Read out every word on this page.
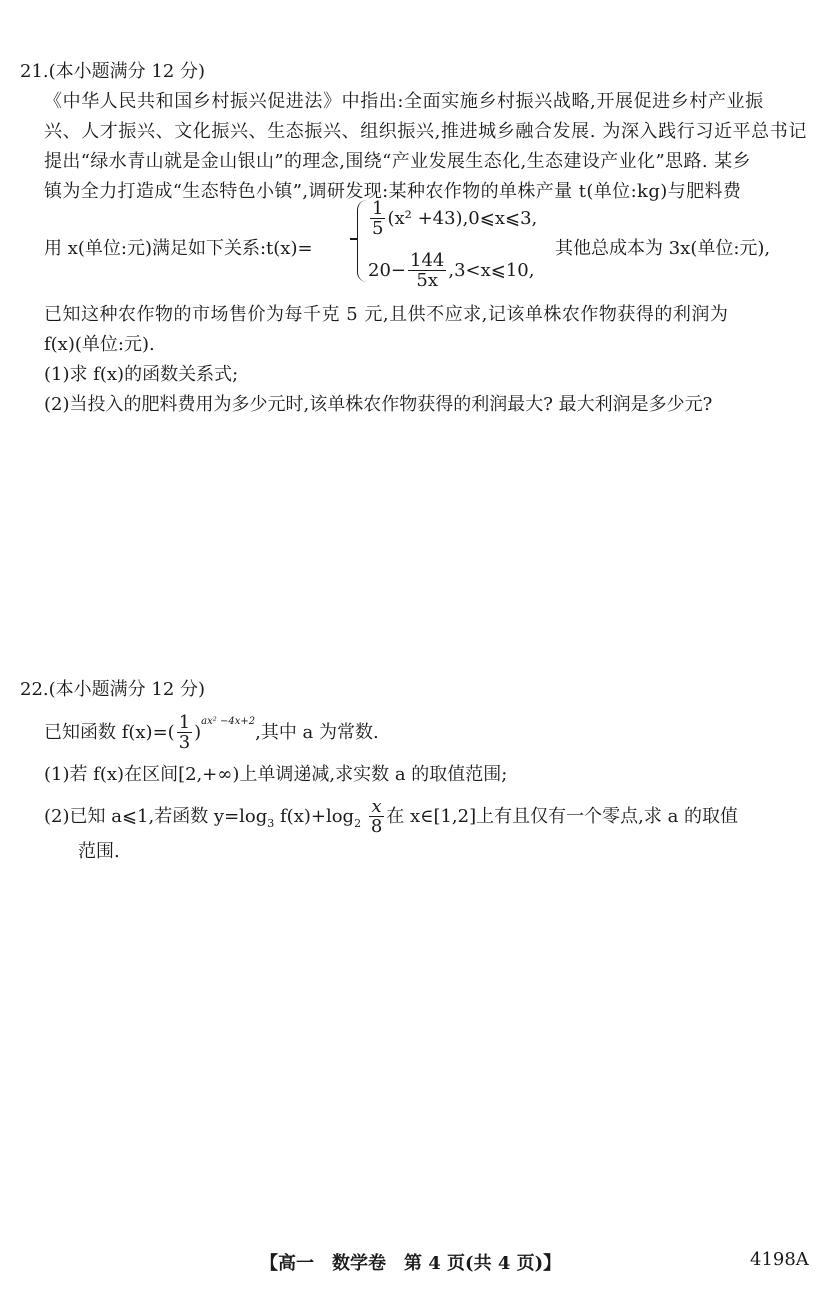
21.(本小题满分 12 分)
《中华人民共和国乡村振兴促进法》中指出:全面实施乡村振兴战略,开展促进乡村产业振
兴、人才振兴、文化振兴、生态振兴、组织振兴,推进城乡融合发展. 为深入践行习近平总书记
提出“绿水青山就是金山银山”的理念,围绕“产业发展生态化,生态建设产业化”思路. 某乡
镇为全力打造成“生态特色小镇”,调研发现:某种农作物的单株产量 t(单位:kg)与肥料费
用 x(单位:元)满足如下关系:t(x)=
$\frac{1}{5} (x^2$ +43),0⩽x⩽3,
$20- \frac{144}{5x}$ ,3<x⩽10,
其他总成本为 3x(单位:元),
已知这种农作物的市场售价为每千克 5 元,且供不应求,记该单株农作物获得的利润为
f(x)(单位:元).
(1)求 f(x)的函数关系式;
(2)当投入的肥料费用为多少元时,该单株农作物获得的利润最大? 最大利润是多少元?
22.(本小题满分 12 分)
已知函数 $f(x)=( \frac{1}{3} )^{ax^2 -4x+2}$,其中 a 为常数.
(1)若 f(x)在区间[2,+∞)上单调递减,求实数 a 的取值范围;
(2)已知 a⩽1,若函数 $y=\log_3$ $f(x)+\log_2 \frac{x}{8}$ 在 x∈[1,2]上有且仅有一个零点,求 a 的取值
范围.
【高一　数学卷　第 4 页(共 4 页)】	4198A
